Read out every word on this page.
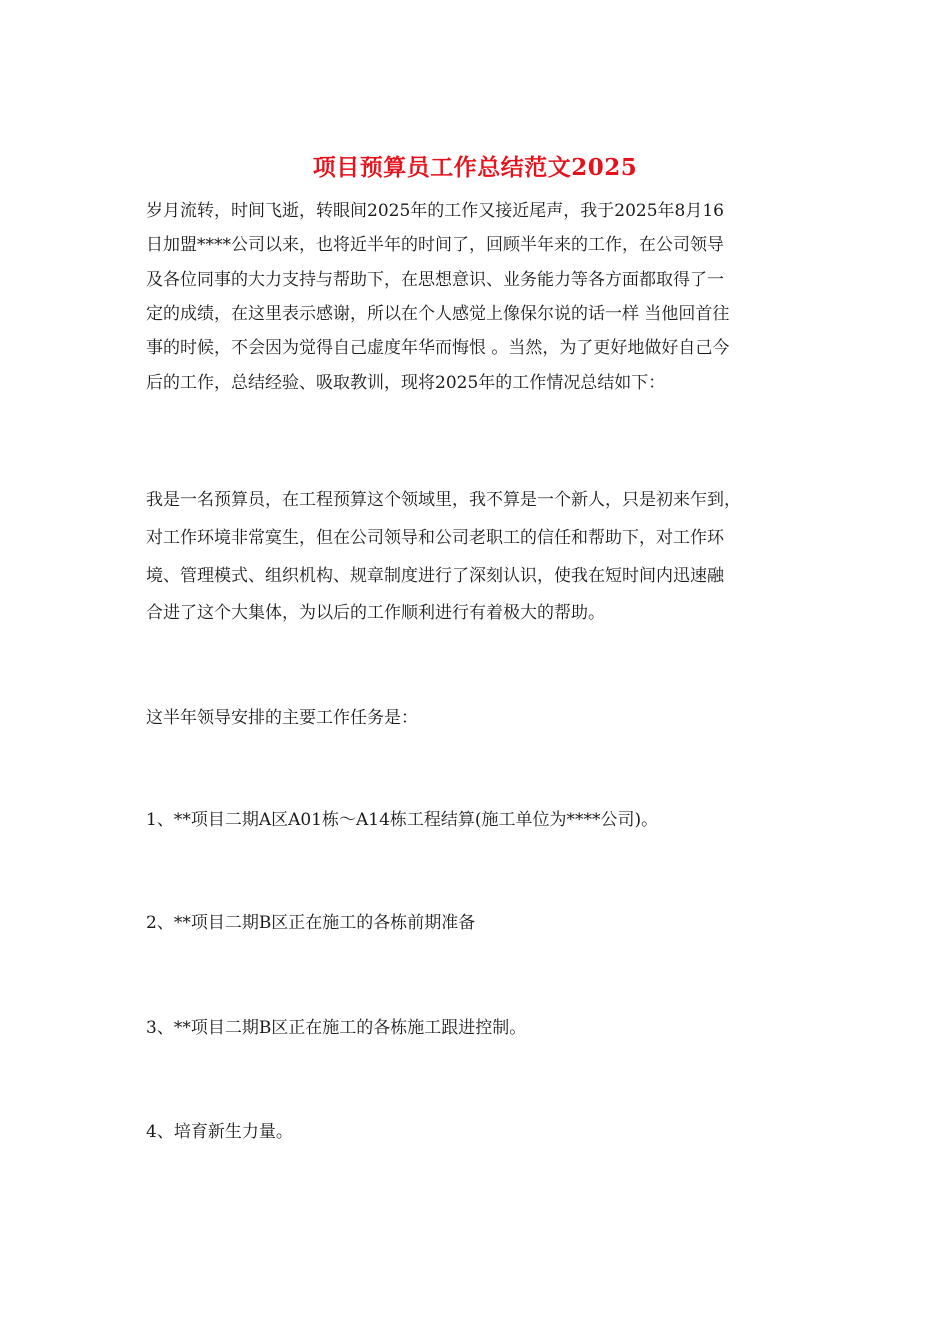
项目预算员工作总结范文2025
岁月流转，时间飞逝，转眼间2025年的工作又接近尾声，我于2025年8月16
日加盟****公司以来，也将近半年的时间了，回顾半年来的工作，在公司领导
及各位同事的大力支持与帮助下，在思想意识、业务能力等各方面都取得了一
定的成绩，在这里表示感谢，所以在个人感觉上像保尔说的话一样 当他回首往
事的时候，不会因为觉得自己虚度年华而悔恨 。当然，为了更好地做好自己今
后的工作，总结经验、吸取教训，现将2025年的工作情况总结如下：
我是一名预算员，在工程预算这个领域里，我不算是一个新人，只是初来乍到，
对工作环境非常寞生，但在公司领导和公司老职工的信任和帮助下，对工作环
境、管理模式、组织机构、规章制度进行了深刻认识，使我在短时间内迅速融
合进了这个大集体，为以后的工作顺利进行有着极大的帮助。
这半年领导安排的主要工作任务是：
1、**项目二期A区A01栋～A14栋工程结算(施工单位为****公司)。
2、**项目二期B区正在施工的各栋前期准备
3、**项目二期B区正在施工的各栋施工跟进控制。
4、培育新生力量。
